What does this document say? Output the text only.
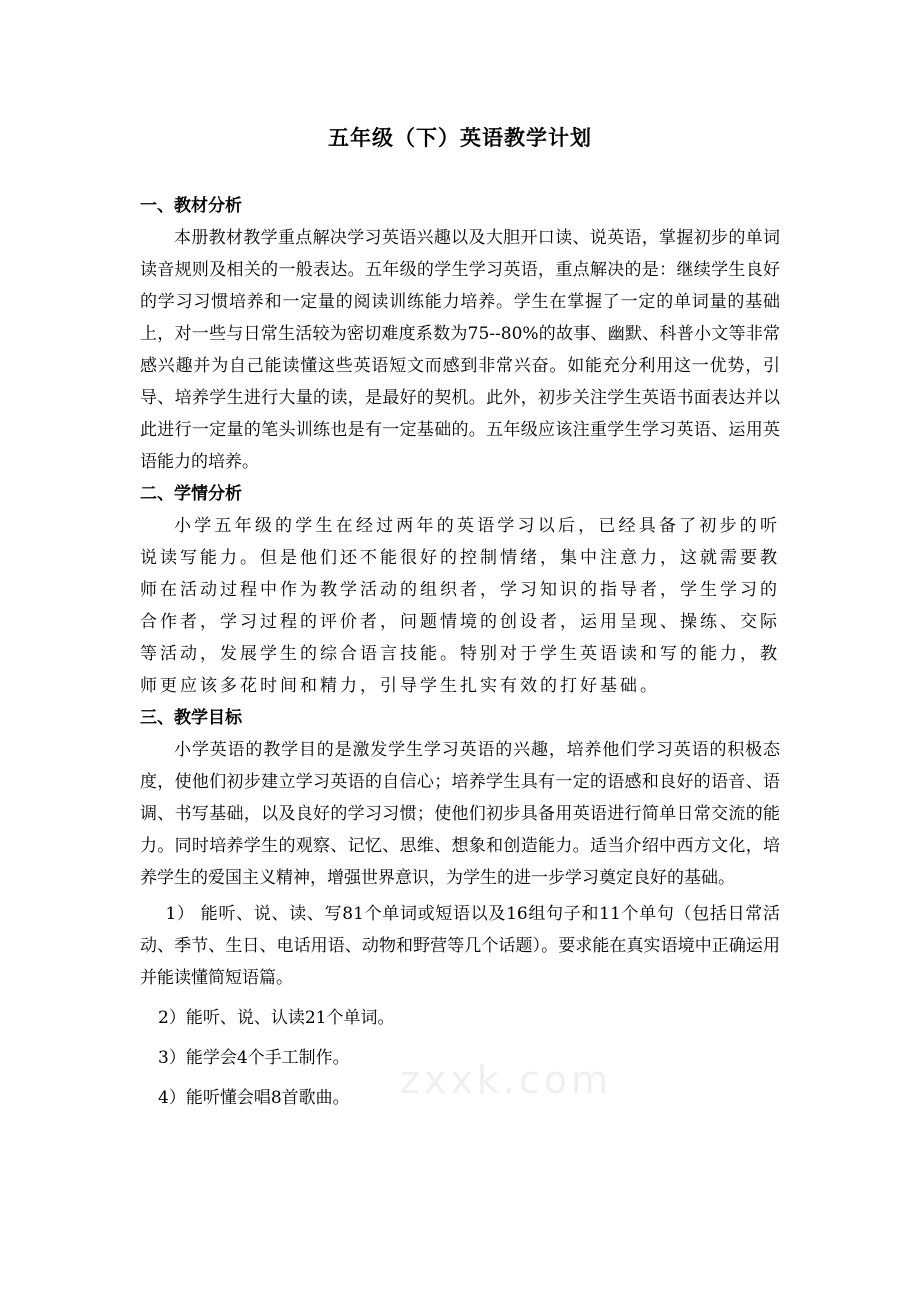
五年级（下）英语教学计划

一、教材分析

本册教材教学重点解决学习英语兴趣以及大胆开口读、说英语，掌握初步的单词读音规则及相关的一般表达。五年级的学生学习英语，重点解决的是：继续学生良好的学习习惯培养和一定量的阅读训练能力培养。学生在掌握了一定的单词量的基础上，对一些与日常生活较为密切难度系数为75--80%的故事、幽默、科普小文等非常感兴趣并为自己能读懂这些英语短文而感到非常兴奋。如能充分利用这一优势，引导、培养学生进行大量的读，是最好的契机。此外，初步关注学生英语书面表达并以此进行一定量的笔头训练也是有一定基础的。五年级应该注重学生学习英语、运用英语能力的培养。

二、学情分析

小学五年级的学生在经过两年的英语学习以后，已经具备了初步的听说读写能力。但是他们还不能很好的控制情绪，集中注意力，这就需要教师在活动过程中作为教学活动的组织者，学习知识的指导者，学生学习的合作者，学习过程的评价者，问题情境的创设者，运用呈现、操练、交际等活动，发展学生的综合语言技能。特别对于学生英语读和写的能力，教师更应该多花时间和精力，引导学生扎实有效的打好基础。

三、教学目标

小学英语的教学目的是激发学生学习英语的兴趣，培养他们学习英语的积极态度，使他们初步建立学习英语的自信心；培养学生具有一定的语感和良好的语音、语调、书写基础，以及良好的学习习惯；使他们初步具备用英语进行简单日常交流的能力。同时培养学生的观察、记忆、思维、想象和创造能力。适当介绍中西方文化，培养学生的爱国主义精神，增强世界意识，为学生的进一步学习奠定良好的基础。

1） 能听、说、读、写81个单词或短语以及16组句子和11个单句（包括日常活动、季节、生日、电话用语、动物和野营等几个话题）。要求能在真实语境中正确运用并能读懂简短语篇。

2）能听、说、认读21个单词。

3）能学会4个手工制作。

4）能听懂会唱8首歌曲。	zxxk.com
